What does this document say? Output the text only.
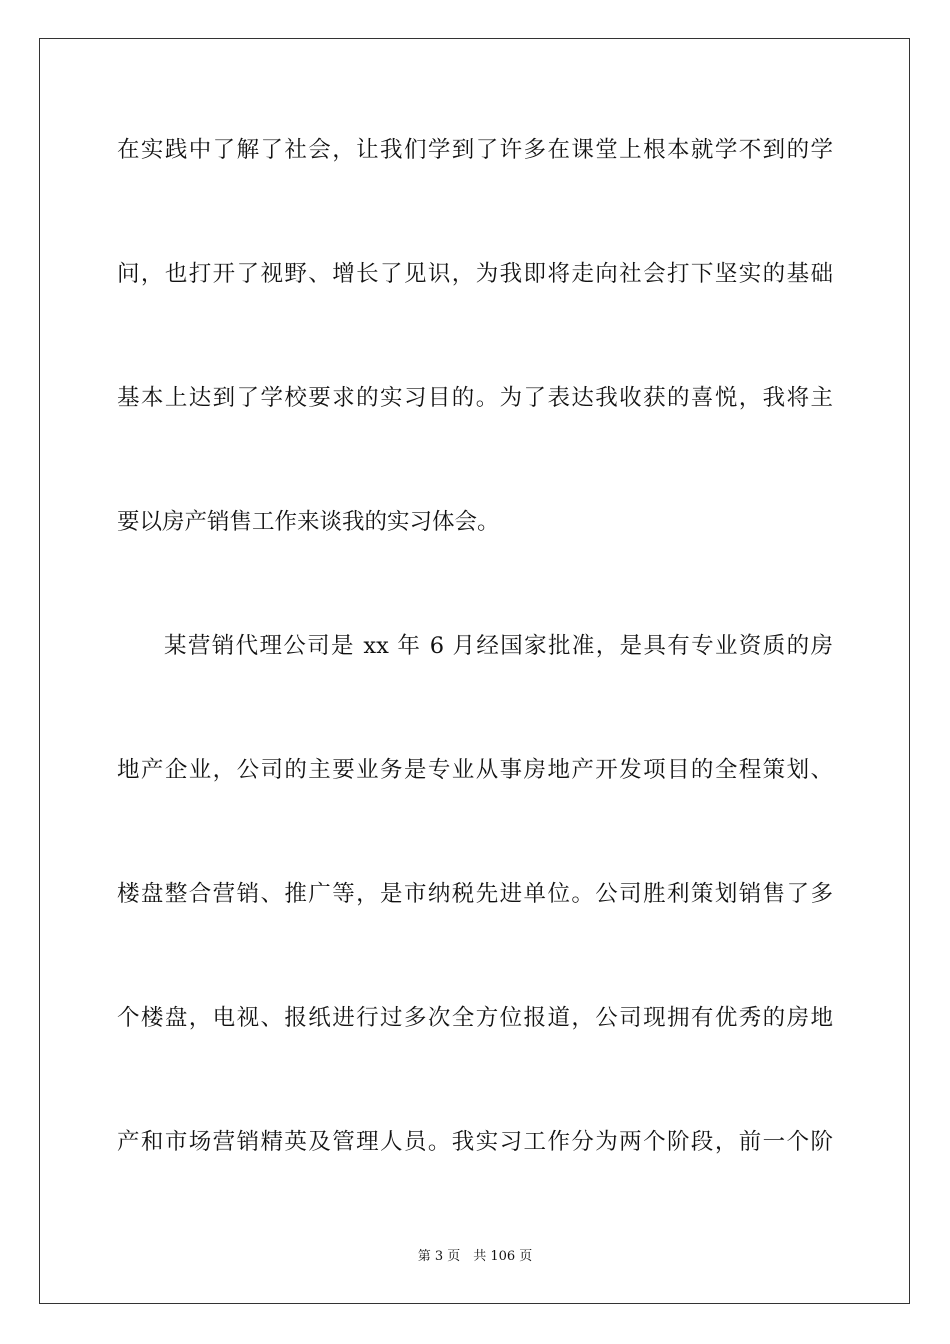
在实践中了解了社会，让我们学到了许多在课堂上根本就学不到的学
问，也打开了视野、增长了见识，为我即将走向社会打下坚实的基础
基本上达到了学校要求的实习目的。为了表达我收获的喜悦，我将主
要以房产销售工作来谈我的实习体会。
某营销代理公司是 xx 年 6 月经国家批准，是具有专业资质的房
地产企业，公司的主要业务是专业从事房地产开发项目的全程策划、
楼盘整合营销、推广等，是市纳税先进单位。公司胜利策划销售了多
个楼盘，电视、报纸进行过多次全方位报道，公司现拥有优秀的房地
产和市场营销精英及管理人员。我实习工作分为两个阶段，前一个阶
第 3 页　共 106 页
